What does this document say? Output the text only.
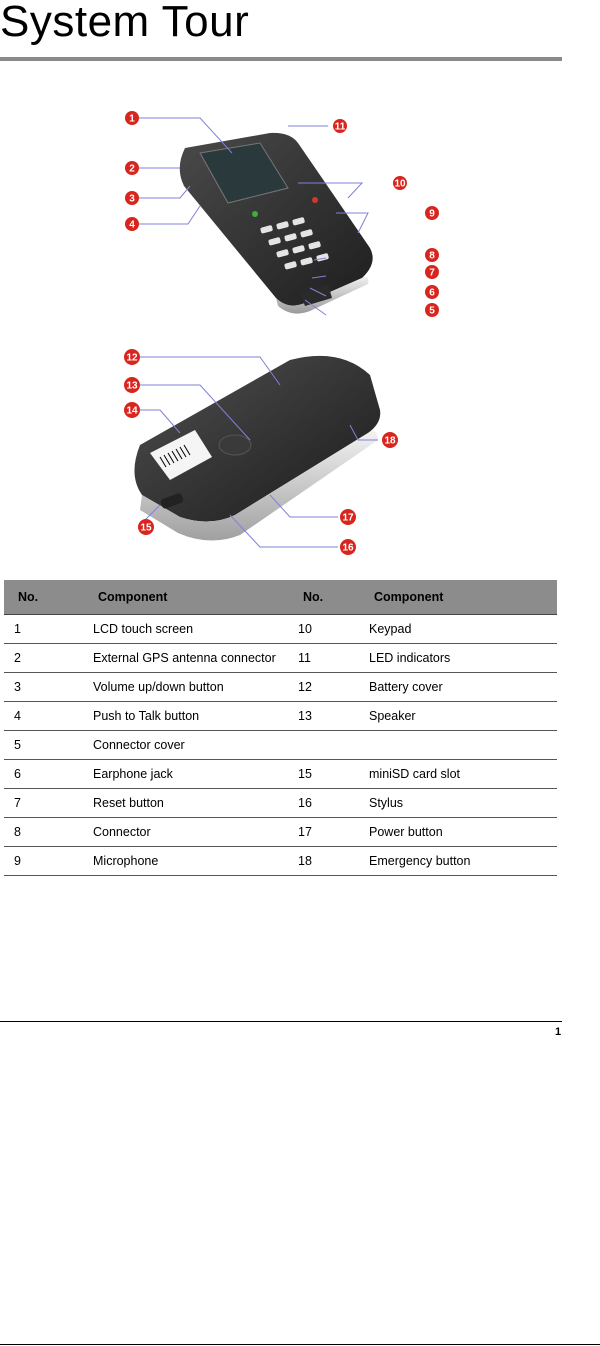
System Tour
1
2
3
4
5
6
7
8
9
10
11
12
13
14
15
16
17
18
No.	Component	No.	Component
1	LCD touch screen	10	Keypad
2	External GPS antenna connector	11	LED indicators
3	Volume up/down button	12	Battery cover
4	Push to Talk button	13	Speaker
5	Connector cover		
6	Earphone jack	15	miniSD card slot
7	Reset button	16	Stylus
8	Connector	17	Power button
9	Microphone	18	Emergency button
1
